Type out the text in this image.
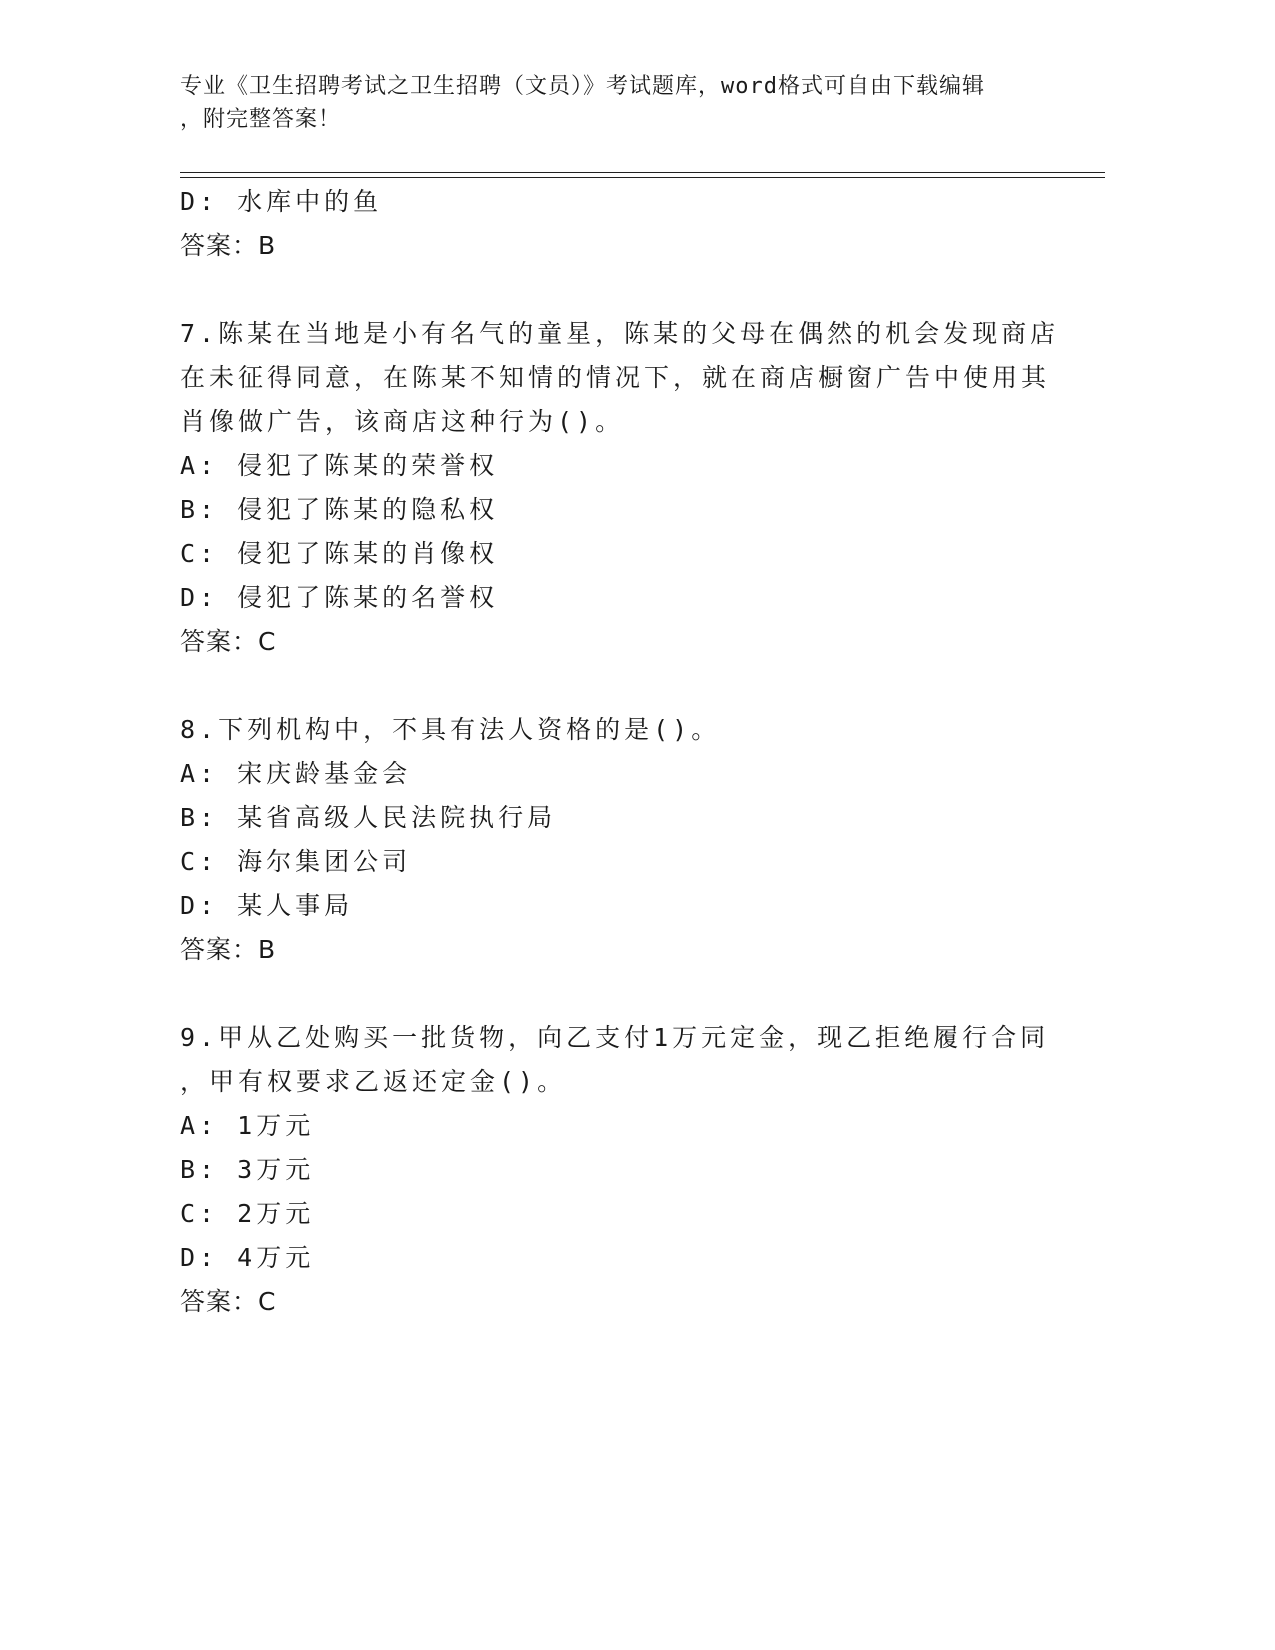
专业《卫生招聘考试之卫生招聘（文员）》考试题库，word格式可自由下载编辑
，附完整答案！
D: 水库中的鱼
答案：B
7.陈某在当地是小有名气的童星，陈某的父母在偶然的机会发现商店
在未征得同意，在陈某不知情的情况下，就在商店橱窗广告中使用其
肖像做广告，该商店这种行为()。
A: 侵犯了陈某的荣誉权
B: 侵犯了陈某的隐私权
C: 侵犯了陈某的肖像权
D: 侵犯了陈某的名誉权
答案：C
8.下列机构中，不具有法人资格的是()。
A: 宋庆龄基金会
B: 某省高级人民法院执行局
C: 海尔集团公司
D: 某人事局
答案：B
9.甲从乙处购买一批货物，向乙支付1万元定金，现乙拒绝履行合同
，甲有权要求乙返还定金()。
A: 1万元
B: 3万元
C: 2万元
D: 4万元
答案：C
